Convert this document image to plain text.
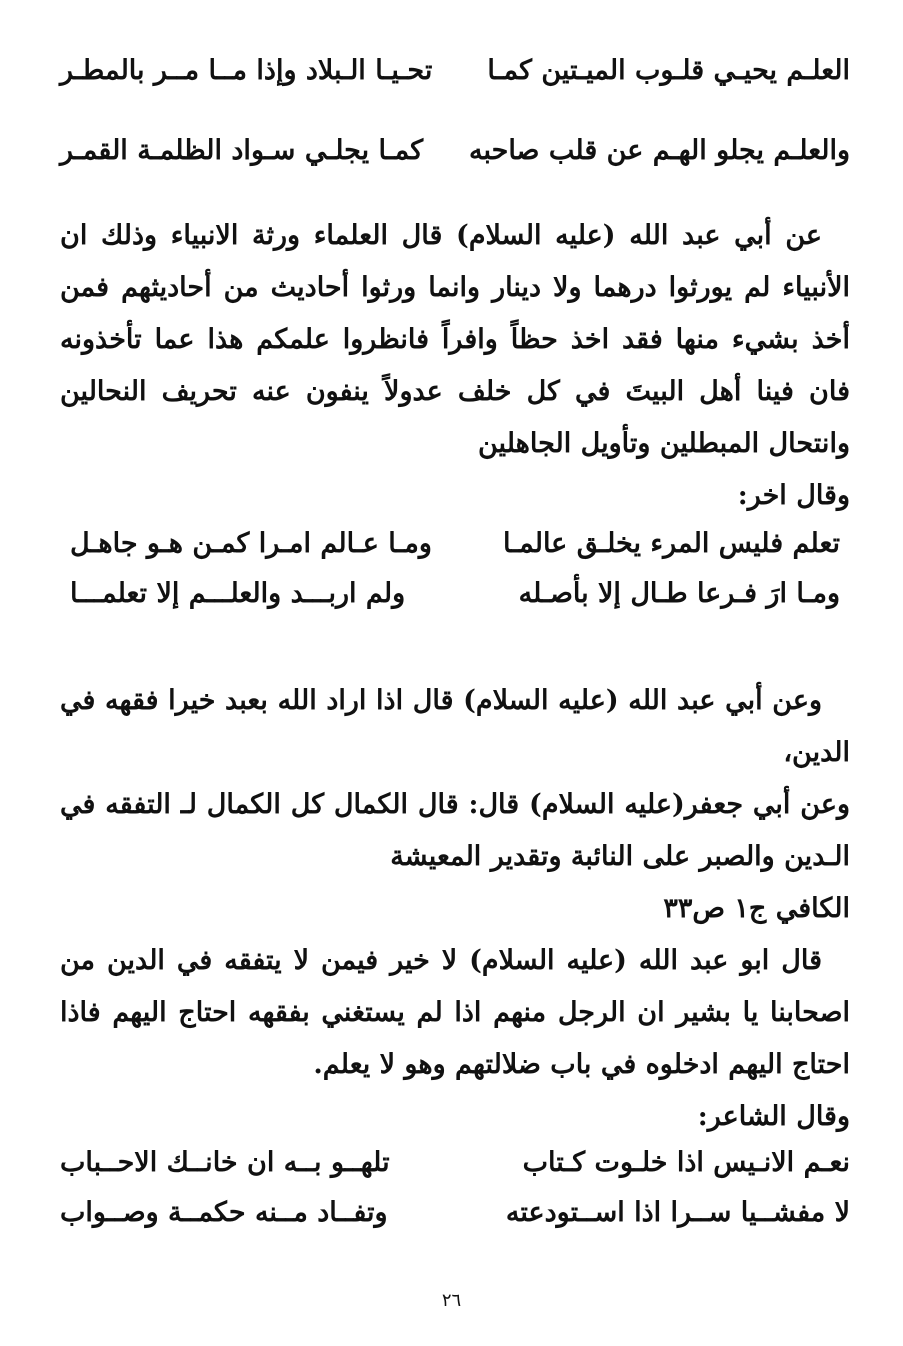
العلـم يحيـي قلـوب الميـتين كمـا
تحـيـا الـبلاد وإذا مــا مــر بالمطـر
والعلـم يجلو الهـم عن قلب صاحبه
كمـا يجلـي سـواد الظلمـة القمـر

عن أبي عبد الله (عليه السلام) قال العلماء ورثة الانبياء وذلك ان الأنبياء لم يورثوا درهما ولا دينار وانما ورثوا أحاديث من أحاديثهم فمن أخذ بشيء منها فقد اخذ حظاً وافراً فانظروا علمكم هذا عما تأخذونه فان فينا أهل البيتَ في كل خلف عدولاً ينفون عنه تحريف النحالين وانتحال المبطلين وتأويل الجاهلين

وقال اخر:

تعلم فليس المرء يخلـق عالمـا
ومـا عـالم امـرا كمـن هـو جاهـل
ومـا ارَ فـرعا طـال إلا بأصـله
ولم اربـــد والعلـــم إلا تعلمـــا

وعن أبي عبد الله (عليه السلام) قال اذا اراد الله بعبد خيرا فقهه في الدين،

وعن أبي جعفر(عليه السلام) قال: قال الكمال كل الكمال لـ التفقه في الـدين والصبر على النائبة وتقدير المعيشة

الكافي ج١ ص٣٣

قال ابو عبد الله (عليه السلام) لا خير فيمن لا يتفقه في الدين من اصحابنا يا بشير ان الرجل منهم اذا لم يستغني بفقهه احتاج اليهم فاذا احتاج اليهم ادخلوه في باب ضلالتهم وهو لا يعلم.

وقال الشاعر:

نعـم الانـيس اذا خلـوت كـتاب
تلهــو بــه ان خانــك الاحــباب
لا مفشــيا ســرا اذا اســتودعته
وتفــاد مــنه حكمــة وصــواب
٢٦
